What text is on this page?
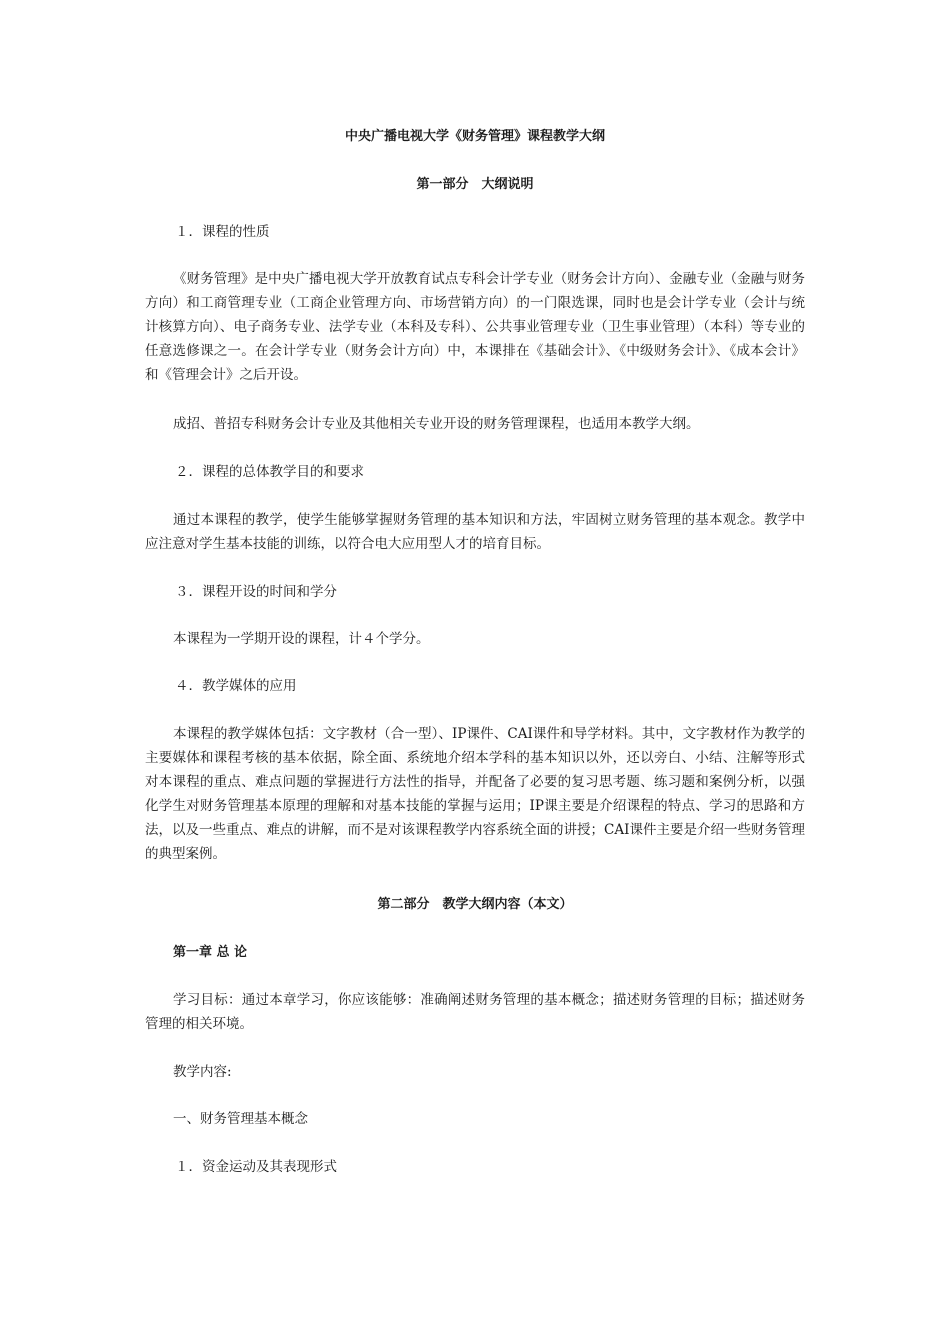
中央广播电视大学《财务管理》课程教学大纲

第一部分　大纲说明

１．课程的性质

《财务管理》是中央广播电视大学开放教育试点专科会计学专业（财务会计方向）、金融专业（金融与财务方向）和工商管理专业（工商企业管理方向、市场营销方向）的一门限选课，同时也是会计学专业（会计与统计核算方向）、电子商务专业、法学专业（本科及专科）、公共事业管理专业（卫生事业管理）（本科）等专业的任意选修课之一。在会计学专业（财务会计方向）中，本课排在《基础会计》、《中级财务会计》、《成本会计》和《管理会计》之后开设。

成招、普招专科财务会计专业及其他相关专业开设的财务管理课程，也适用本教学大纲。

２．课程的总体教学目的和要求

通过本课程的教学，使学生能够掌握财务管理的基本知识和方法，牢固树立财务管理的基本观念。教学中应注意对学生基本技能的训练，以符合电大应用型人才的培育目标。

３．课程开设的时间和学分

本课程为一学期开设的课程，计４个学分。

４．教学媒体的应用

本课程的教学媒体包括：文字教材（合一型）、IP课件、CAI课件和导学材料。其中，文字教材作为教学的主要媒体和课程考核的基本依据，除全面、系统地介绍本学科的基本知识以外，还以旁白、小结、注解等形式对本课程的重点、难点问题的掌握进行方法性的指导，并配备了必要的复习思考题、练习题和案例分析，以强化学生对财务管理基本原理的理解和对基本技能的掌握与运用；IP课主要是介绍课程的特点、学习的思路和方法，以及一些重点、难点的讲解，而不是对该课程教学内容系统全面的讲授；CAI课件主要是介绍一些财务管理的典型案例。

第二部分　教学大纲内容（本文）

第一章 总 论

学习目标：通过本章学习，你应该能够：准确阐述财务管理的基本概念；描述财务管理的目标；描述财务管理的相关环境。

教学内容:

一、财务管理基本概念

１．资金运动及其表现形式
